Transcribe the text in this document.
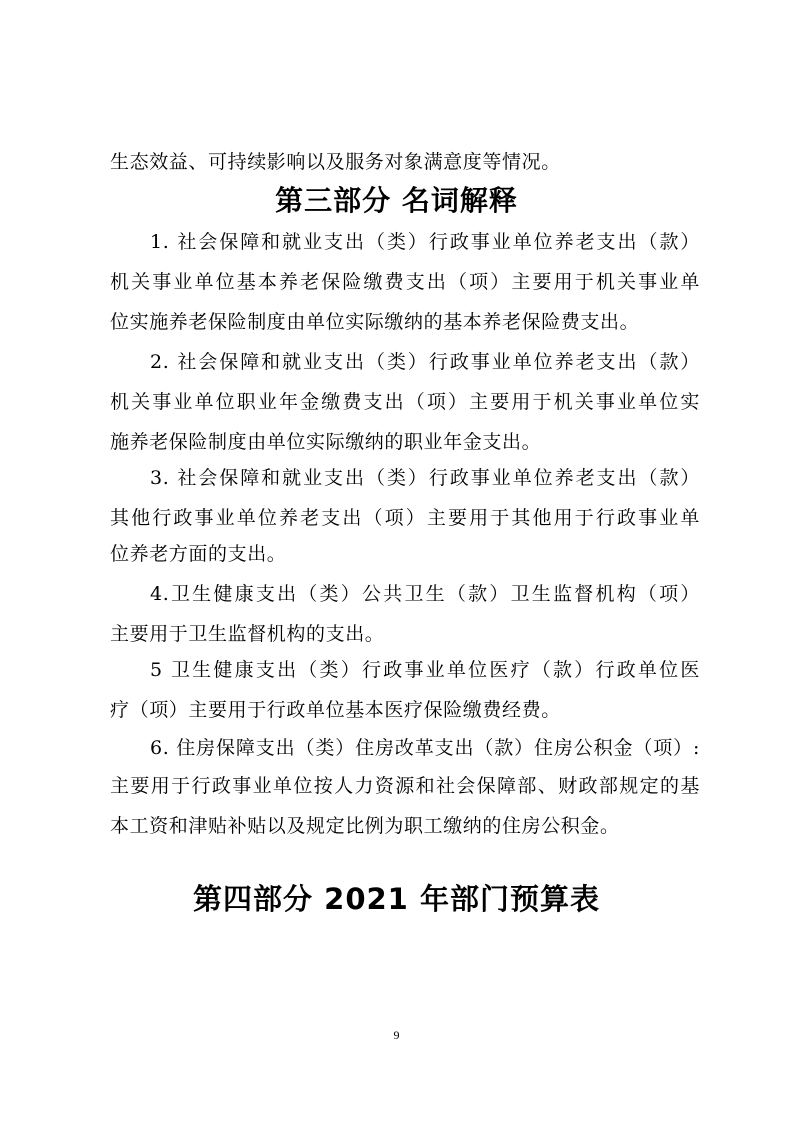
生态效益、可持续影响以及服务对象满意度等情况。
第三部分 名词解释
1. 社会保障和就业支出（类）行政事业单位养老支出（款）
机关事业单位基本养老保险缴费支出（项）主要用于机关事业单
位实施养老保险制度由单位实际缴纳的基本养老保险费支出。
2. 社会保障和就业支出（类）行政事业单位养老支出（款）
机关事业单位职业年金缴费支出（项）主要用于机关事业单位实
施养老保险制度由单位实际缴纳的职业年金支出。
3. 社会保障和就业支出（类）行政事业单位养老支出（款）
其他行政事业单位养老支出（项）主要用于其他用于行政事业单
位养老方面的支出。
4.卫生健康支出（类）公共卫生（款）卫生监督机构（项）
主要用于卫生监督机构的支出。
5 卫生健康支出（类）行政事业单位医疗（款）行政单位医
疗（项）主要用于行政单位基本医疗保险缴费经费。
6. 住房保障支出（类）住房改革支出（款）住房公积金（项）:
主要用于行政事业单位按人力资源和社会保障部、财政部规定的基
本工资和津贴补贴以及规定比例为职工缴纳的住房公积金。
第四部分 2021 年部门预算表
9
